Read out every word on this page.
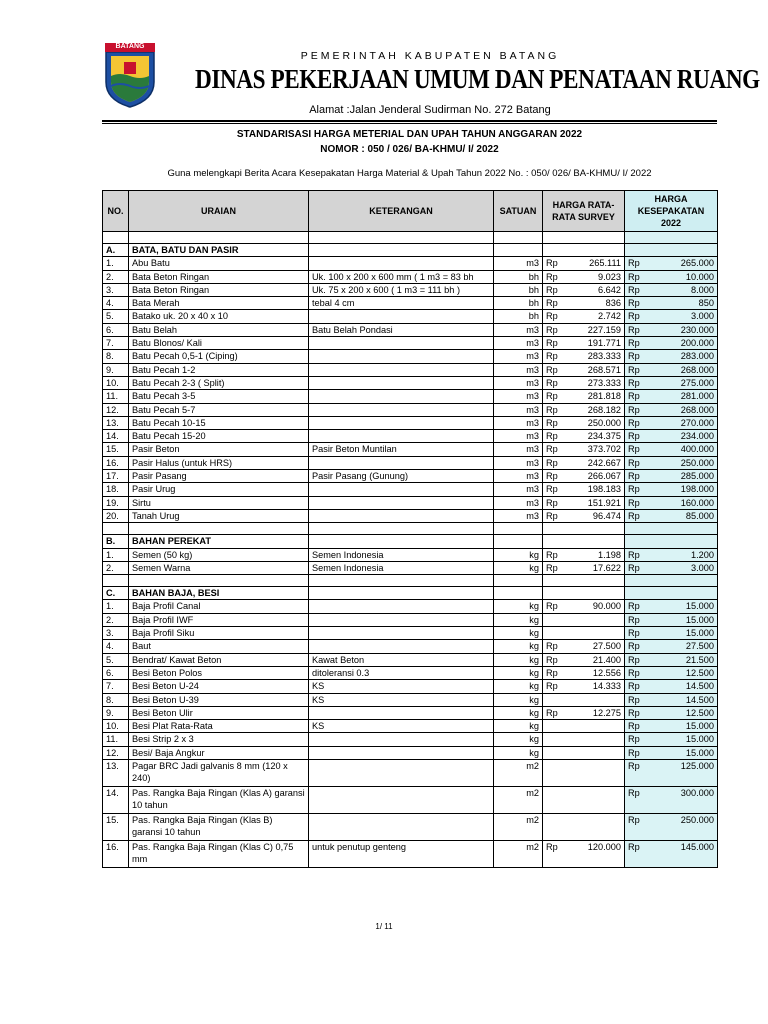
BATANG
PEMERINTAH KABUPATEN BATANG
DINAS PEKERJAAN UMUM DAN PENATAAN RUANG
Alamat :Jalan Jenderal Sudirman No. 272 Batang
STANDARISASI HARGA METERIAL DAN UPAH TAHUN ANGGARAN 2022
NOMOR : 050 / 026/ BA-KHMU/ I/ 2022
Guna melengkapi Berita Acara Kesepakatan Harga Material & Upah Tahun 2022 No. : 050/ 026/ BA-KHMU/ I/ 2022
NO.	URAIAN	KETERANGAN	SATUAN	HARGA RATA-RATA SURVEY	HARGA KESEPAKATAN 2022

A.	BATA, BATU DAN PASIR				
1.	Abu Batu		m3	Rp 265.111	Rp 265.000

2.	Bata Beton Ringan	Uk. 100 x 200 x 600 mm ( 1 m3 = 83 bh	bh	Rp 9.023	Rp 10.000

3.	Bata Beton Ringan	Uk. 75 x 200 x 600 ( 1 m3 = 111 bh )	bh	Rp 6.642	Rp 8.000

4.	Bata Merah	tebal 4 cm	bh	Rp 836	Rp 850

5.	Batako uk. 20 x 40 x 10		bh	Rp 2.742	Rp 3.000

6.	Batu Belah	Batu Belah Pondasi	m3	Rp 227.159	Rp 230.000

7.	Batu Blonos/ Kali		m3	Rp 191.771	Rp 200.000

8.	Batu Pecah 0,5-1 (Ciping)		m3	Rp 283.333	Rp 283.000

9.	Batu Pecah 1-2		m3	Rp 268.571	Rp 268.000

10.	Batu Pecah 2-3 ( Split)		m3	Rp 273.333	Rp 275.000

11.	Batu Pecah 3-5		m3	Rp 281.818	Rp 281.000

12.	Batu Pecah 5-7		m3	Rp 268.182	Rp 268.000

13.	Batu Pecah 10-15		m3	Rp 250.000	Rp 270.000

14.	Batu Pecah 15-20		m3	Rp 234.375	Rp 234.000

15.	Pasir Beton	Pasir Beton Muntilan	m3	Rp 373.702	Rp 400.000

16.	Pasir Halus (untuk HRS)		m3	Rp 242.667	Rp 250.000

17.	Pasir Pasang	Pasir Pasang (Gunung)	m3	Rp 266.067	Rp 285.000

18.	Pasir Urug		m3	Rp 198.183	Rp 198.000

19.	Sirtu		m3	Rp 151.921	Rp 160.000

20.	Tanah Urug		m3	Rp 96.474	Rp 85.000

B.	BAHAN PEREKAT				
1.	Semen (50 kg)	Semen Indonesia	kg	Rp 1.198	Rp 1.200

2.	Semen Warna	Semen Indonesia	kg	Rp 17.622	Rp 3.000

C.	BAHAN BAJA, BESI				
1.	Baja Profil Canal		kg	Rp 90.000	Rp 15.000

2.	Baja Profil IWF		kg		Rp 15.000

3.	Baja Profil Siku		kg		Rp 15.000

4.	Baut		kg	Rp 27.500	Rp 27.500

5.	Bendrat/ Kawat Beton	Kawat Beton	kg	Rp 21.400	Rp 21.500

6.	Besi Beton Polos	ditoleransi 0.3	kg	Rp 12.556	Rp 12.500

7.	Besi Beton U-24	KS	kg	Rp 14.333	Rp 14.500

8.	Besi Beton U-39	KS	kg		Rp 14.500

9.	Besi Beton Ulir		kg	Rp 12.275	Rp 12.500

10.	Besi Plat Rata-Rata	KS	kg		Rp 15.000

11.	Besi Strip 2 x 3		kg		Rp 15.000

12.	Besi/ Baja Angkur		kg		Rp 15.000

13.	Pagar BRC Jadi galvanis 8 mm (120 x 240)		m2		Rp 125.000

14.	Pas. Rangka Baja Ringan (Klas A) garansi 10 tahun		m2		Rp 300.000

15.	Pas. Rangka Baja Ringan (Klas B) garansi 10 tahun		m2		Rp 250.000

16.	Pas. Rangka Baja Ringan (Klas C) 0,75 mm	untuk penutup genteng	m2	Rp 120.000	Rp 145.000
1/ 11
